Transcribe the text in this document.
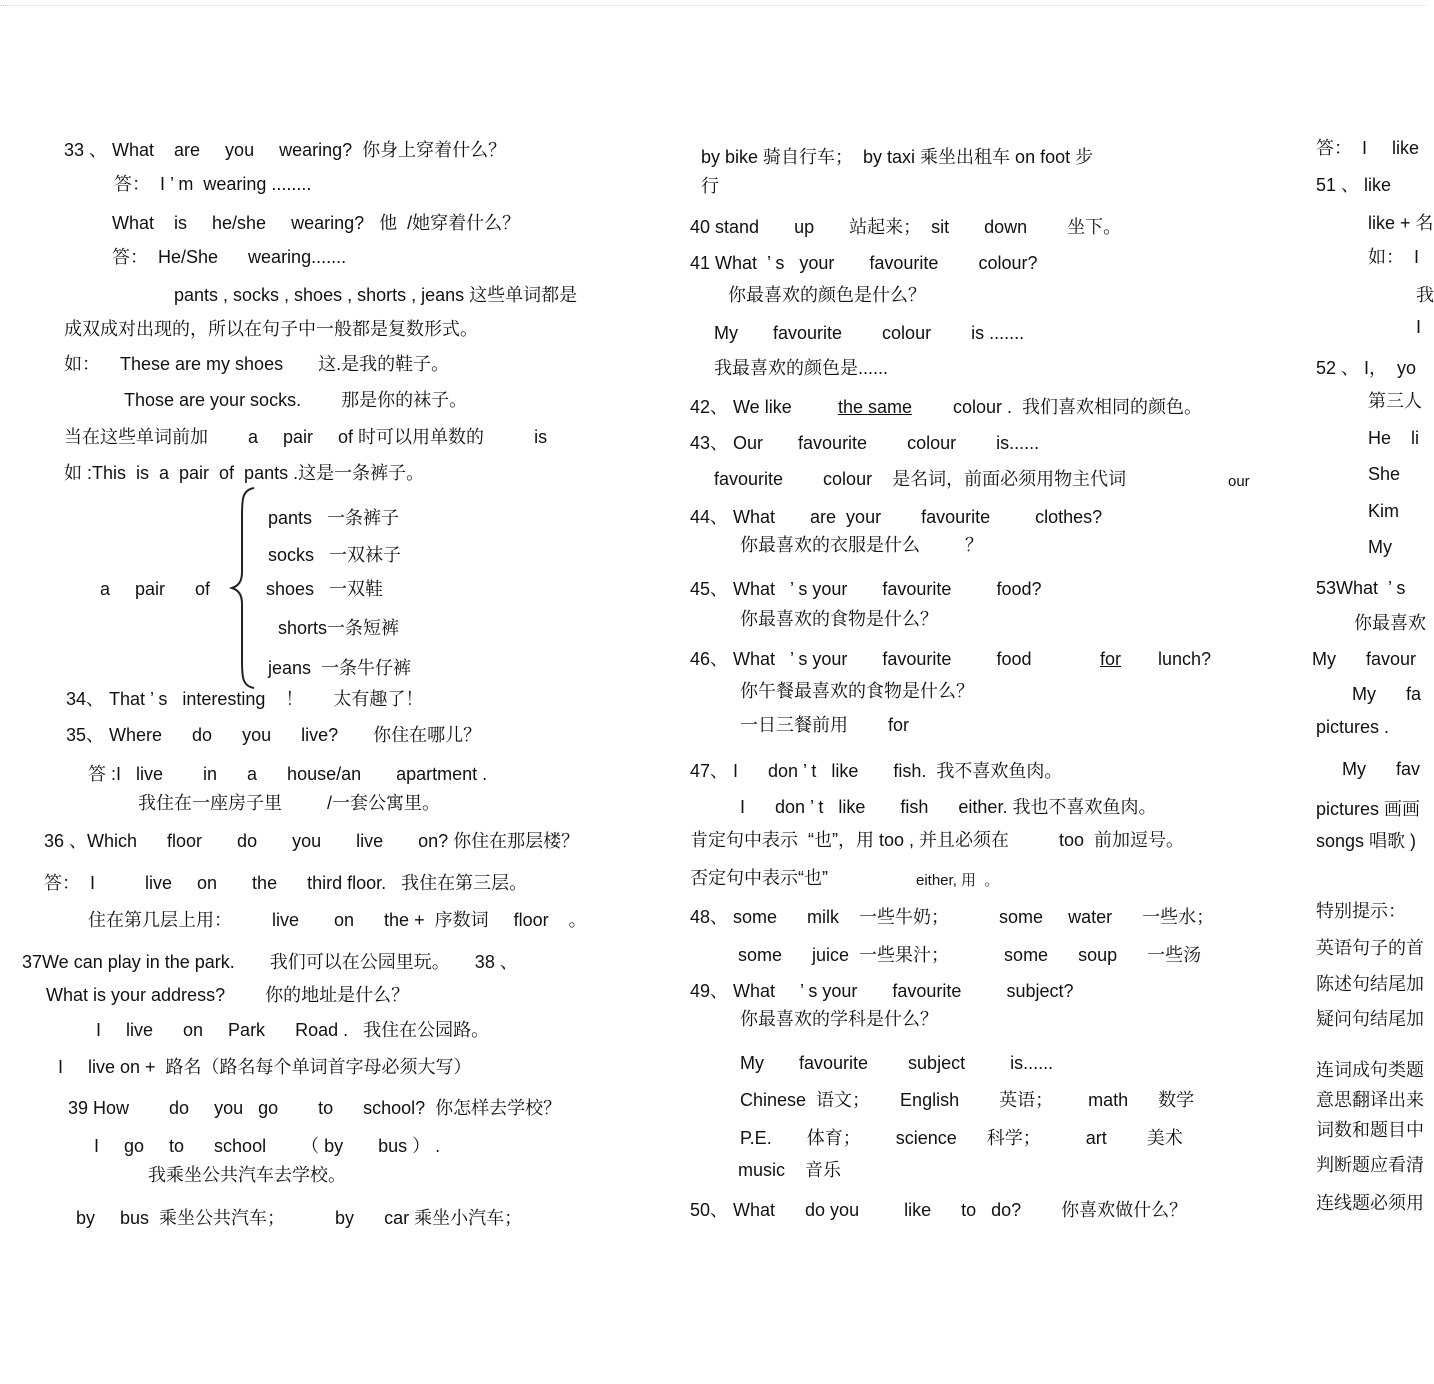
33 、 What    are     you     wearing?  你身上穿着什么？
答：  I ’ m  wearing ........
What    is     he/she     wearing?   他  /她穿着什么？
答：  He/She      wearing.......
pants , socks , shoes , shorts , jeans 这些单词都是
成双成对出现的，所以在句子中一般都是复数形式。
如：    These are my shoes       这.是我的鞋子。
Those are your socks.        那是你的袜子。
当在这些单词前加        a     pair     of 时可以用单数的          is
如 :This  is  a  pair  of  pants .这是一条裤子。
pants   一条裤子
socks   一双袜子
a     pair      of	shoes   一双鞋
shorts一条短裤
jeans  一条牛仔裤
34、 That ’ s   interesting    ！      太有趣了！
35、 Where      do      you      live?       你住在哪儿？
答 :I   live        in      a      house/an       apartment .
我住在一座房子里         /一套公寓里。
36 、Which      floor       do       you       live       on? 你住在那层楼？
答：  I          live     on       the      third floor.   我住在第三层。
住在第几层上用：        live       on      the +  序数词     floor    。
37We can play in the park.       我们可以在公园里玩。     38 、
What is your address?        你的地址是什么？
I     live      on     Park      Road .   我住在公园路。
I     live on +  路名（路名每个单词首字母必须大写）
39 How        do     you   go        to      school?  你怎样去学校？
I     go     to      school       （ by       bus ） .
我乘坐公共汽车去学校。
by     bus  乘坐公共汽车；          by      car 乘坐小汽车；
by bike 骑自行车；  by taxi 乘坐出租车 on foot 步
行
40 stand       up       站起来；  sit       down        坐下。
41 What  ’ s   your       favourite        colour?
你最喜欢的颜色是什么？
My       favourite        colour        is .......
我最喜欢的颜色是......
42、 We like	the same colour .  我们喜欢相同的颜色。
43、 Our       favourite        colour        is......
favourite        colour    是名词，前面必须用物主代词	our
44、 What       are  your        favourite         clothes?
你最喜欢的衣服是什么         ？
45、 What   ’ s your       favourite         food?
你最喜欢的食物是什么？
46、 What   ’ s your       favourite         food	for lunch?
你午餐最喜欢的食物是什么？
一日三餐前用        for
47、 I      don ’ t   like       fish.  我不喜欢鱼肉。
I      don ’ t   like       fish      either. 我也不喜欢鱼肉。
肯定句中表示  “也”，用 too , 并且必须在          too  前加逗号。
否定句中表示“也”	either, 用  。
48、 some      milk    一些牛奶；          some     water      一些水；
some      juice  一些果汁；           some      soup      一些汤
49、 What     ’ s your       favourite         subject?
你最喜欢的学科是什么？
My       favourite        subject         is......
Chinese  语文；      English        英语；       math      数学
P.E.       体育；       science      科学；         art        美术
music    音乐
50、 What      do you         like      to   do?        你喜欢做什么？
答：  I     like
51 、 like
like + 名
如：  I
我
I
52 、 I，  yo
第三人
He    li
She
Kim
My
53What  ’ s
你最喜欢
My      favour
My      fa
pictures .
My      fav
pictures 画画
songs 唱歌 )
特别提示：
英语句子的首
陈述句结尾加
疑问句结尾加
连词成句类题
意思翻译出来
词数和题目中
判断题应看清
连线题必须用
